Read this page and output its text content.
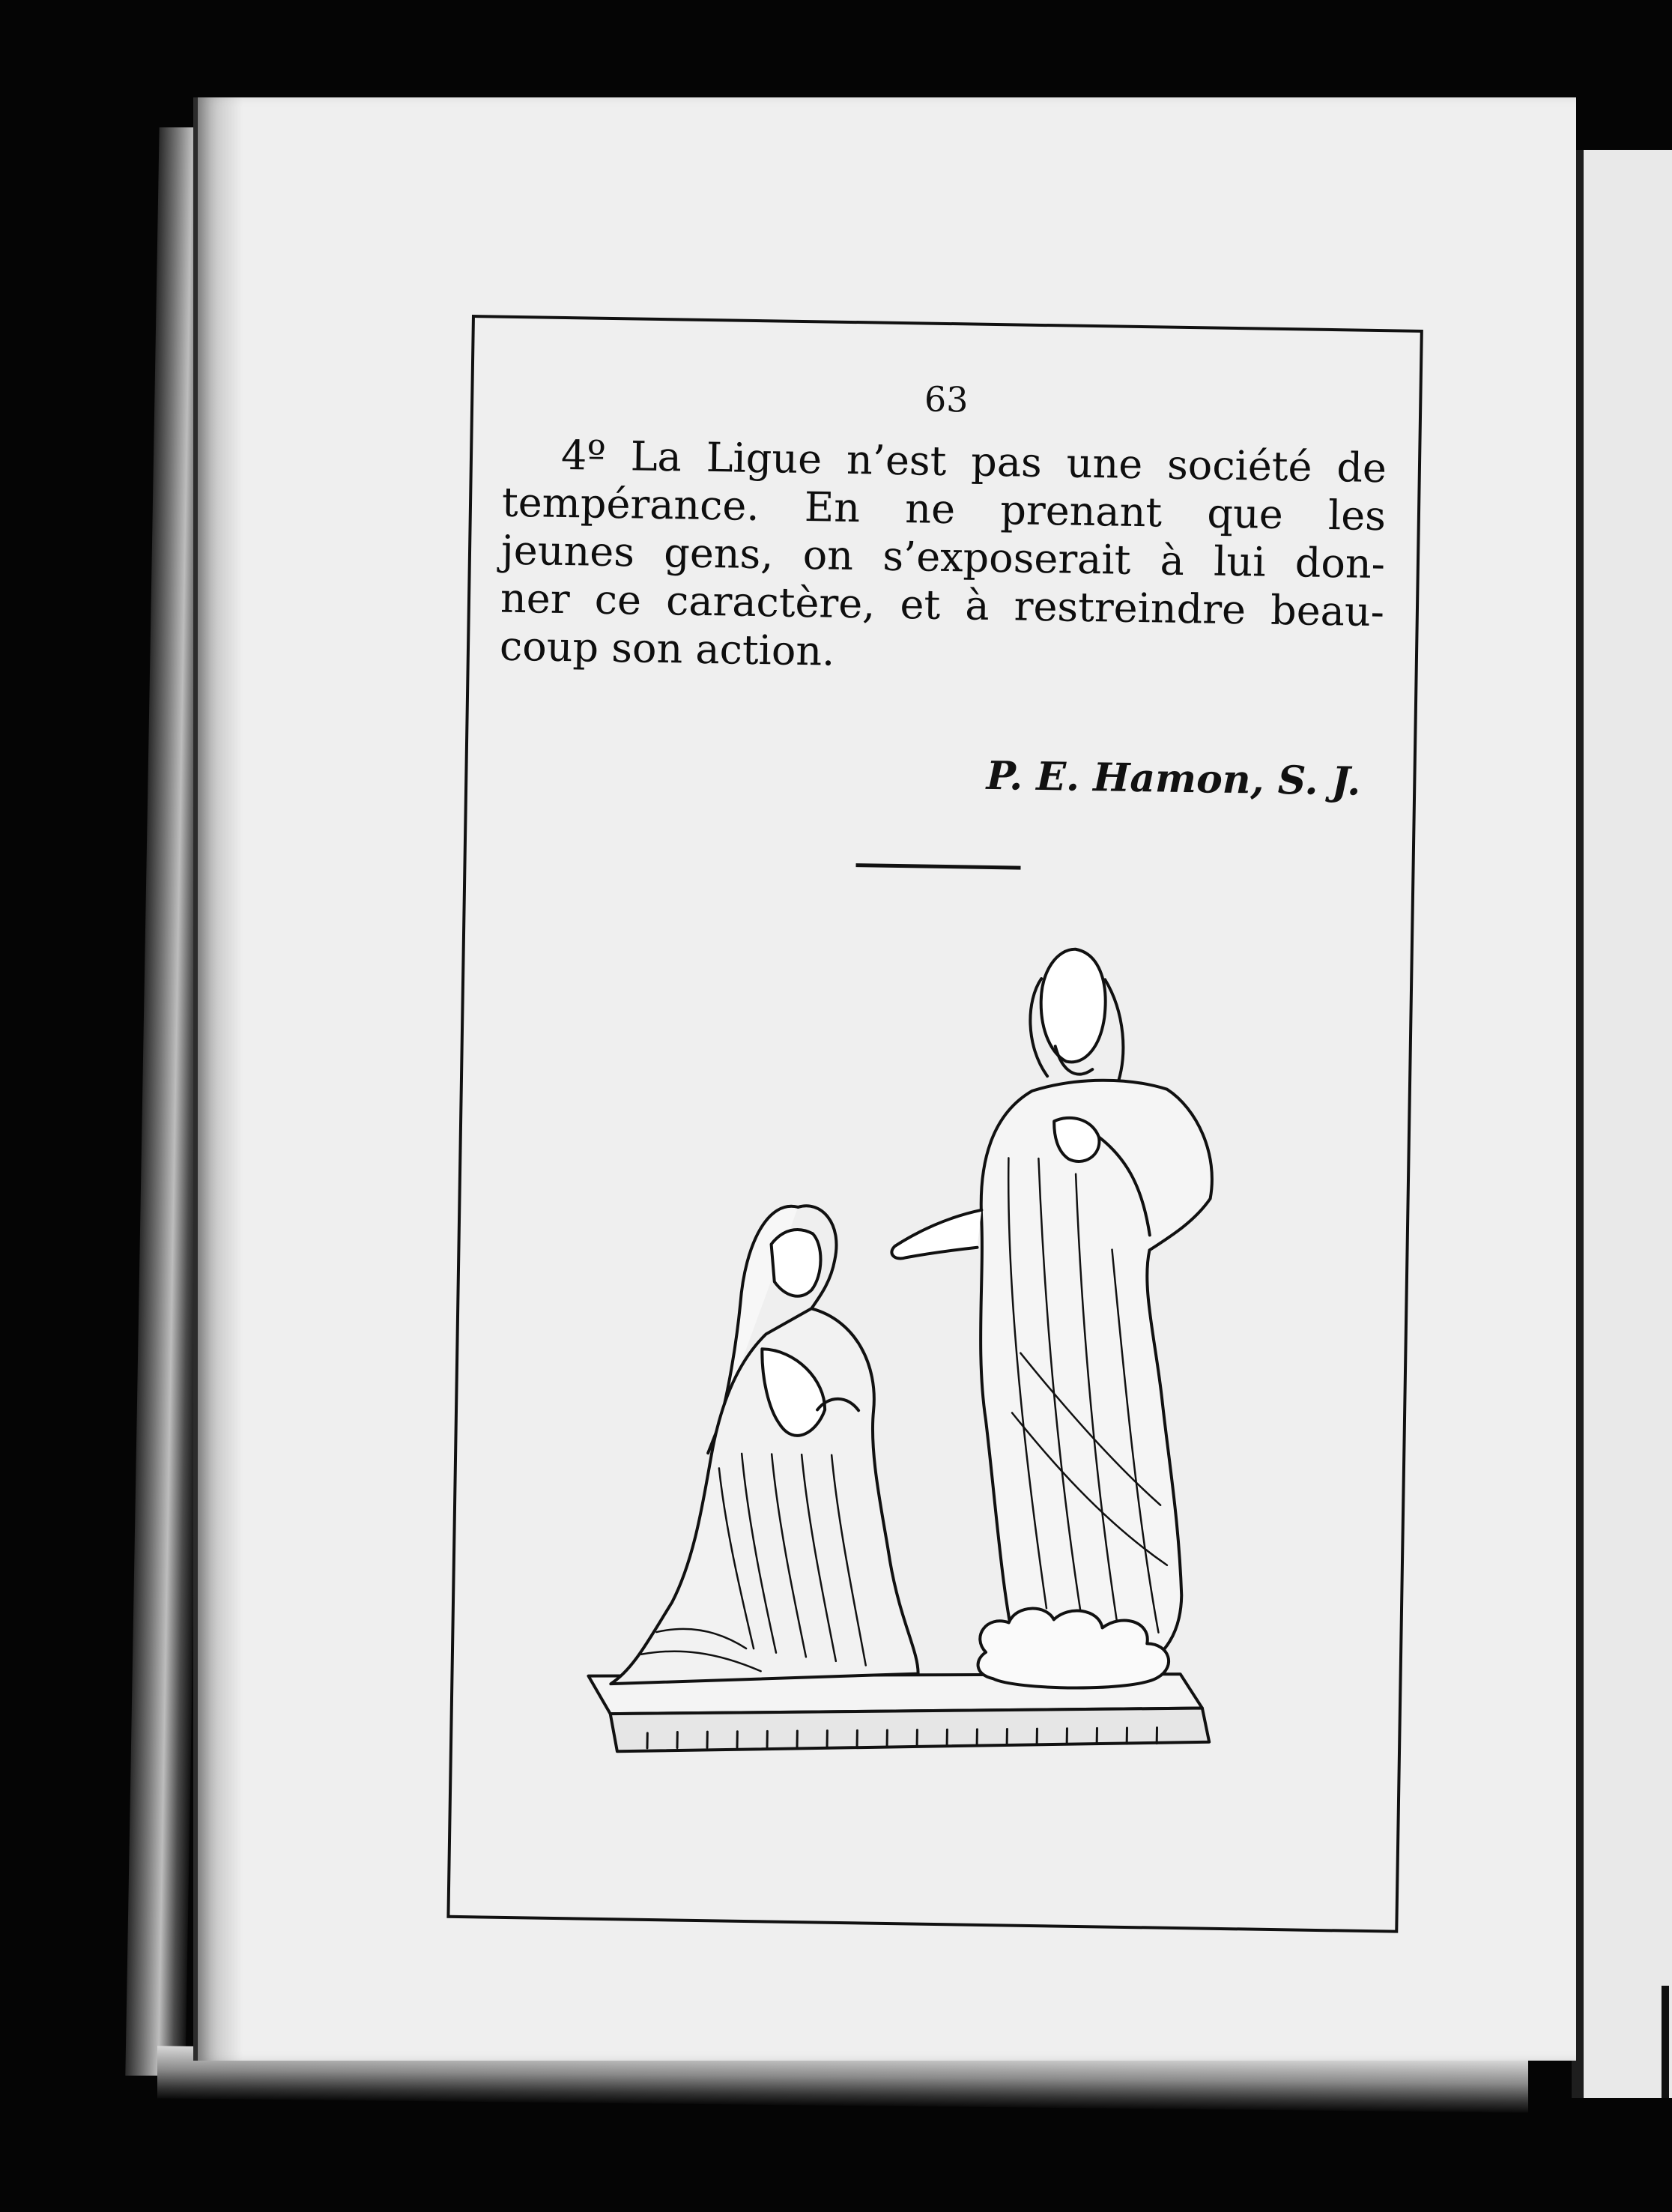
63
4º La Ligue n’est pas une société de
tempérance. En ne prenant que les
jeunes gens, on s’exposerait à lui don-
ner ce caractère, et à restreindre beau-
coup son action.
P. E. Hamon, S. J.
